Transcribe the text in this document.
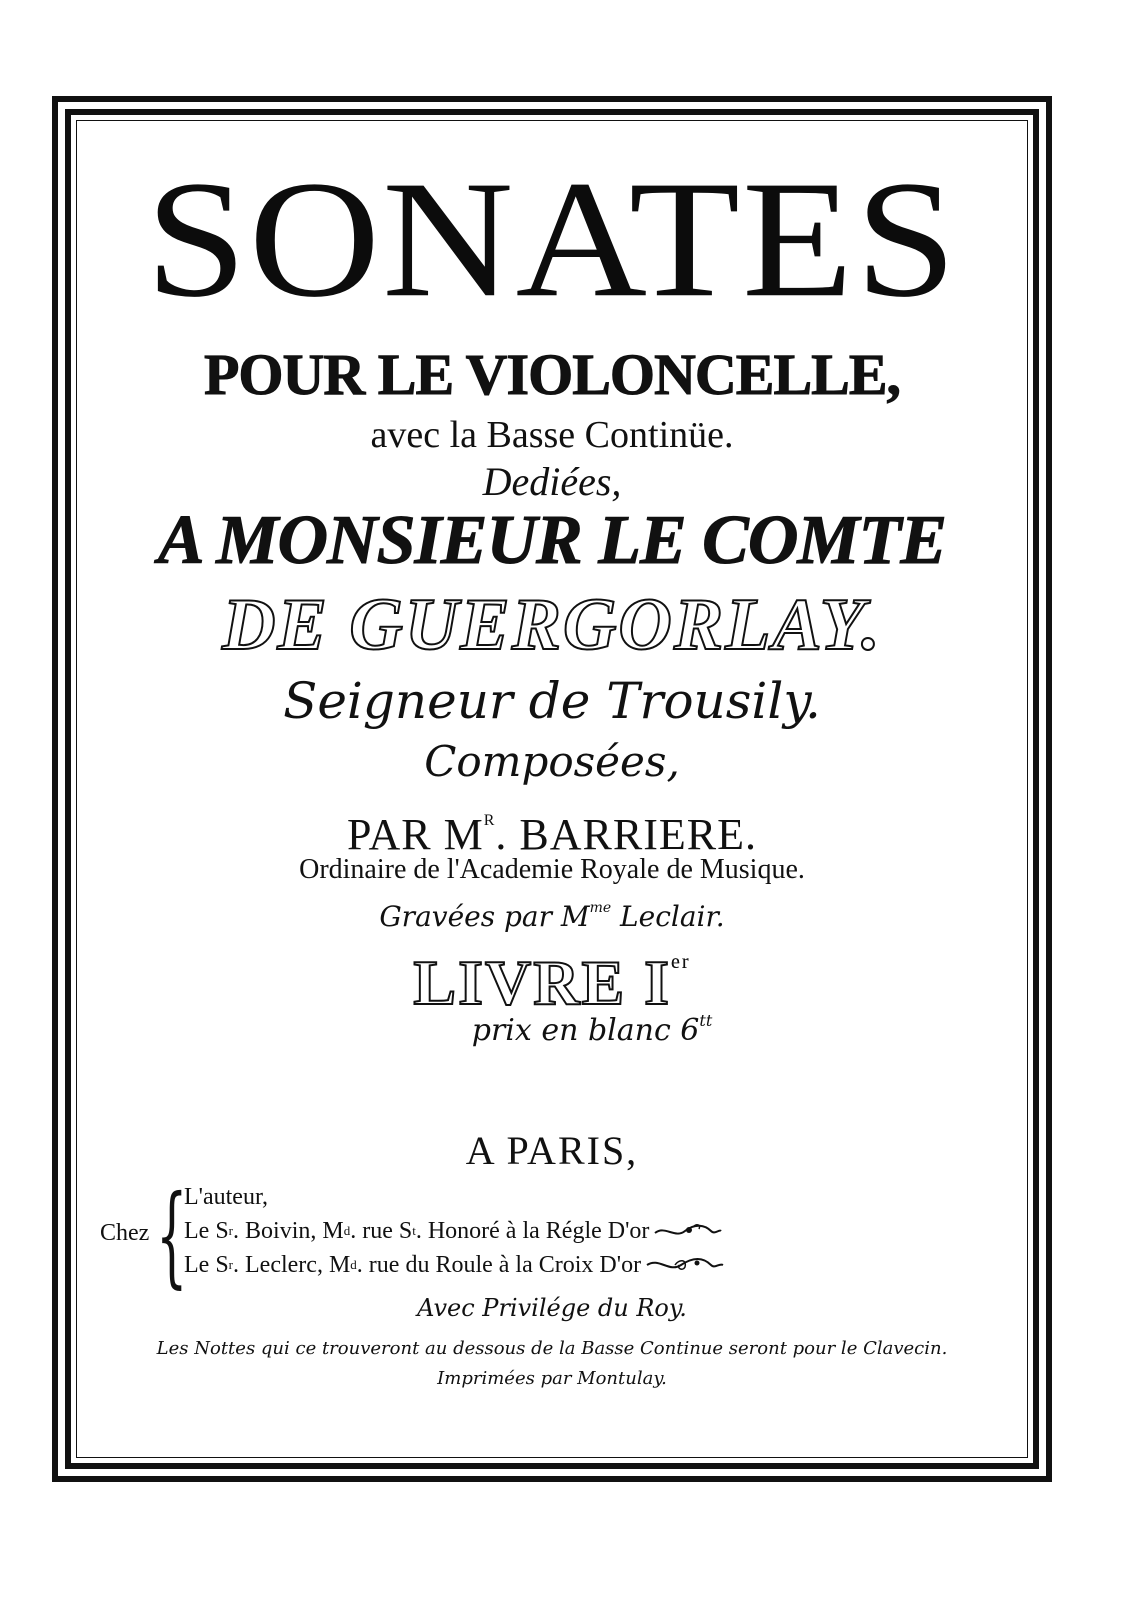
SONATES
POUR LE VIOLONCELLE,
avec la Basse Continüe.
Dediées,
A MONSIEUR LE COMTE
DE GUERGORLAY.
Seigneur de Trousily.
Composées,
PAR $M^R$. BARRIERE.
Ordinaire de l'Academie Royale de Musique.
Gravées par $M^{me}$ Leclair.
LIVRE Ier
prix en blanc $6^{tt}$
A PARIS,
Chez {
L'auteur,
Le S r . Boivin, M d . rue S t . Honoré à la Régle D'or
Le S r . Leclerc, M d . rue du Roule à la Croix D'or
Avec Privilége du Roy.
Les Nottes qui ce trouveront au dessous de la Basse Continue seront pour le Clavecin.
Imprimées par Montulay.
